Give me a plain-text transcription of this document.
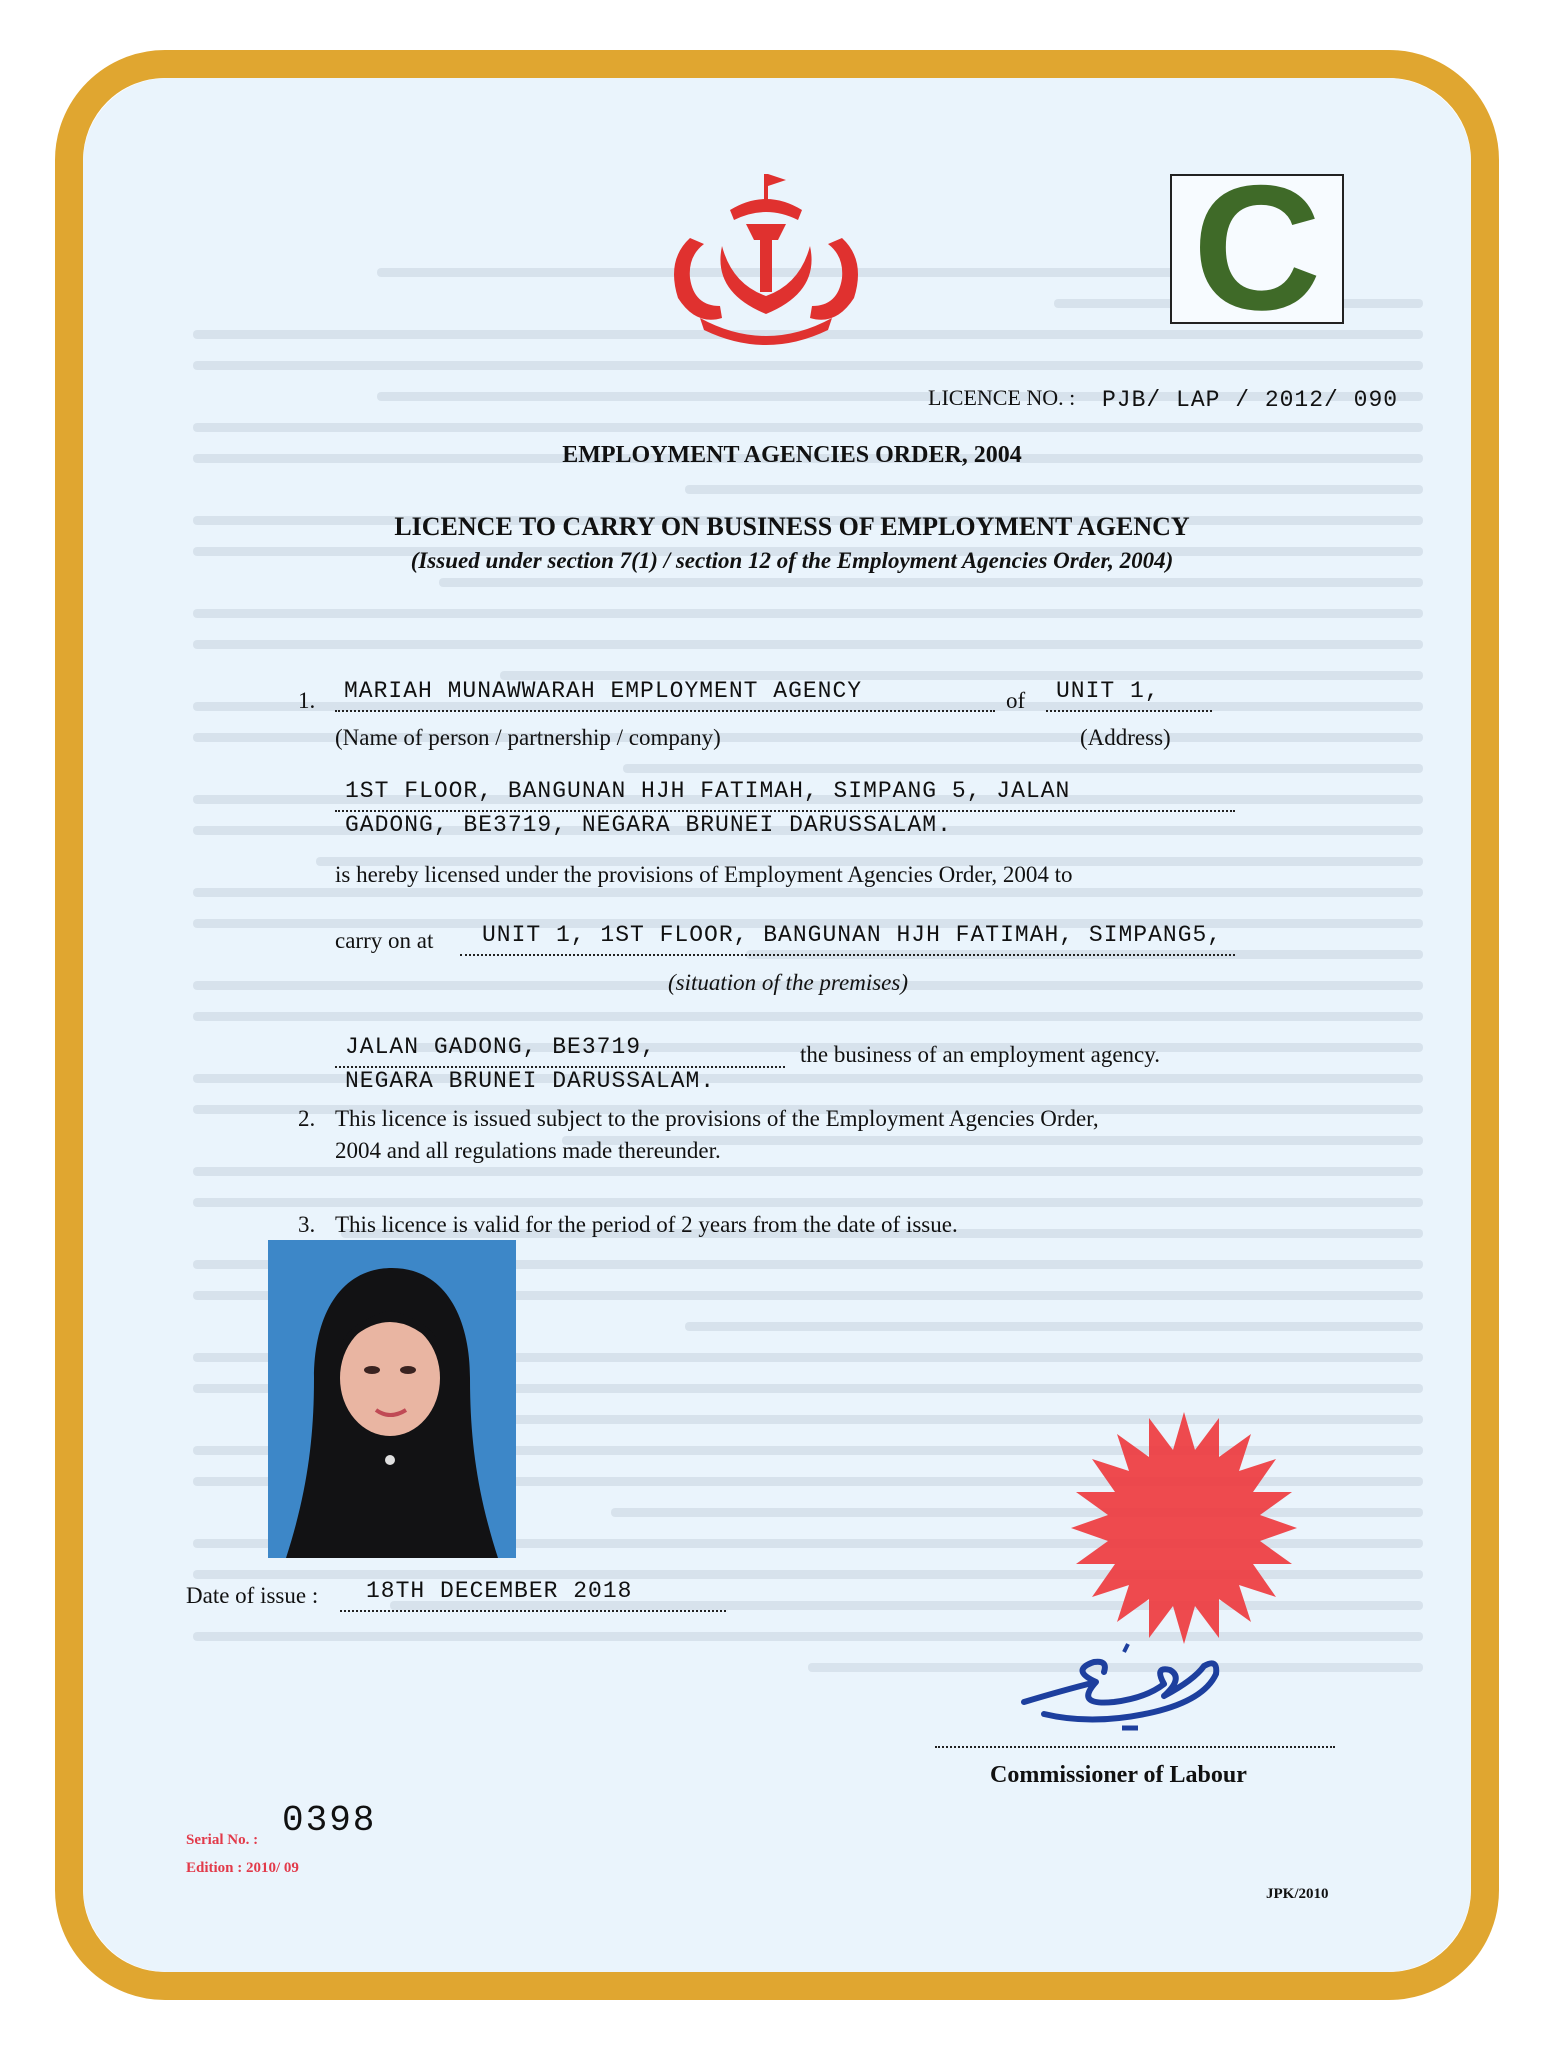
C
LICENCE NO. : PJB/ LAP / 2012/ 090
EMPLOYMENT AGENCIES ORDER, 2004
LICENCE TO CARRY ON BUSINESS OF EMPLOYMENT AGENCY
(Issued under section 7(1) / section 12 of the Employment Agencies Order, 2004)
1. MARIAH MUNAWWARAH EMPLOYMENT AGENCY	of UNIT 1,
(Name of person / partnership / company)	(Address)
1ST FLOOR, BANGUNAN HJH FATIMAH, SIMPANG 5, JALAN
GADONG, BE3719, NEGARA BRUNEI DARUSSALAM.
is hereby licensed under the provisions of Employment Agencies Order, 2004 to
carry on at UNIT 1, 1ST FLOOR, BANGUNAN HJH FATIMAH, SIMPANG5,
(situation of the premises)
JALAN GADONG, BE3719,	the business of an employment agency.
NEGARA BRUNEI DARUSSALAM.
2. This licence is issued subject to the provisions of the Employment Agencies Order,
2004 and all regulations made thereunder.
3. This licence is valid for the period of 2 years from the date of issue.
Date of issue : 18TH DECEMBER 2018
Commissioner of Labour
0398
Serial No. :
Edition : 2010/ 09
JPK/2010
